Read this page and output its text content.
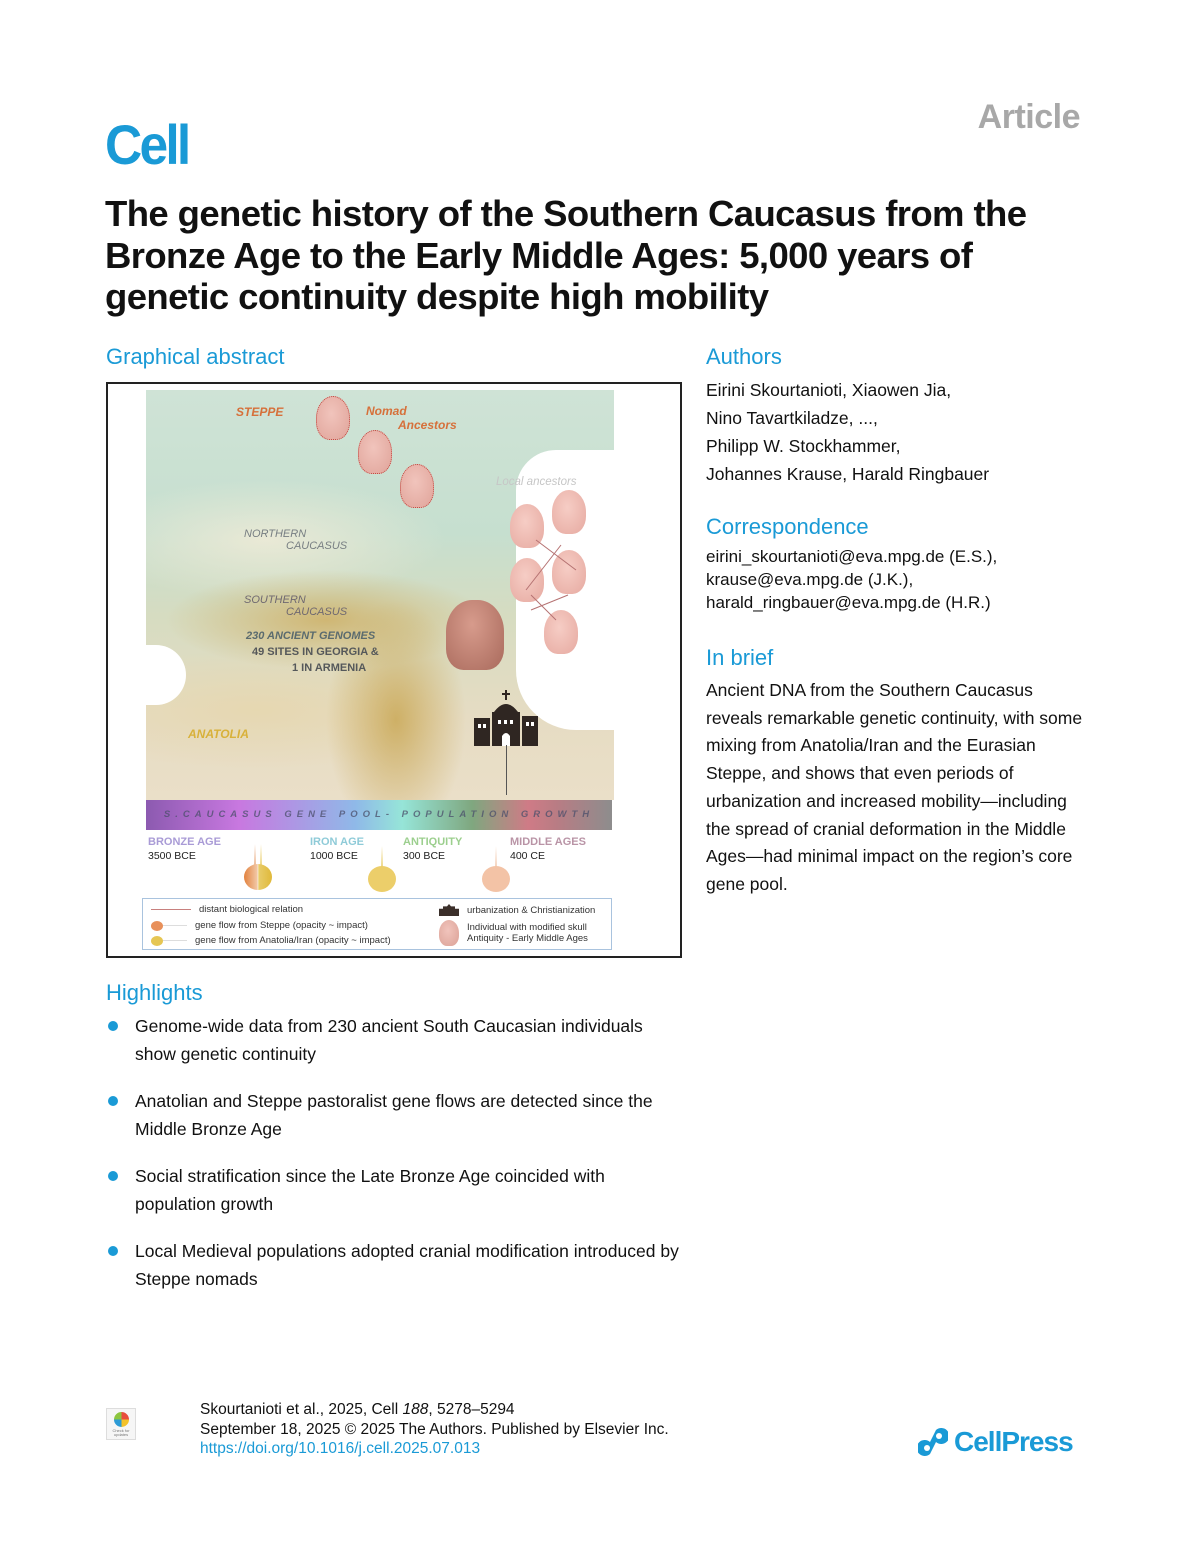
Cell	Article
The genetic history of the Southern Caucasus from the Bronze Age to the Early Middle Ages: 5,000 years of genetic continuity despite high mobility
Graphical abstract
STEPPE	Nomad
Ancestors
Local ancestors
NORTHERN
CAUCASUS
SOUTHERN
CAUCASUS
230 ANCIENT GENOMES
49 SITES IN GEORGIA &
1 IN ARMENIA
ANATOLIA
S.CAUCASUS GENE POOL- POPULATION GROWTH
BRONZE AGE
3500 BCE
IRON AGE
1000 BCE
ANTIQUITY
300 BCE
MIDDLE AGES
400 CE
distant biological relation
gene flow from Steppe (opacity ~ impact)
gene flow from Anatolia/Iran (opacity ~ impact)
urbanization & Christianization
Individual with modified skull
Antiquity - Early Middle Ages
Authors
Eirini Skourtanioti, Xiaowen Jia,
Nino Tavartkiladze, ...,
Philipp W. Stockhammer,
Johannes Krause, Harald Ringbauer
Correspondence
eirini_skourtanioti@eva.mpg.de (E.S.),
krause@eva.mpg.de (J.K.),
harald_ringbauer@eva.mpg.de (H.R.)
In brief

Ancient DNA from the Southern Caucasus reveals remarkable genetic continuity, with some mixing from Anatolia/Iran and the Eurasian Steppe, and shows that even periods of urbanization and increased mobility—including the spread of cranial deformation in the Middle Ages—had minimal impact on the region’s core gene pool.

Highlights
Genome-wide data from 230 ancient South Caucasian individuals show genetic continuity
Anatolian and Steppe pastoralist gene flows are detected since the Middle Bronze Age
Social stratification since the Late Bronze Age coincided with population growth
Local Medieval populations adopted cranial modification introduced by Steppe nomads
Check for updates
Skourtanioti et al., 2025, Cell 188, 5278–5294
September 18, 2025 © 2025 The Authors. Published by Elsevier Inc.
https://doi.org/10.1016/j.cell.2025.07.013	CellPress
